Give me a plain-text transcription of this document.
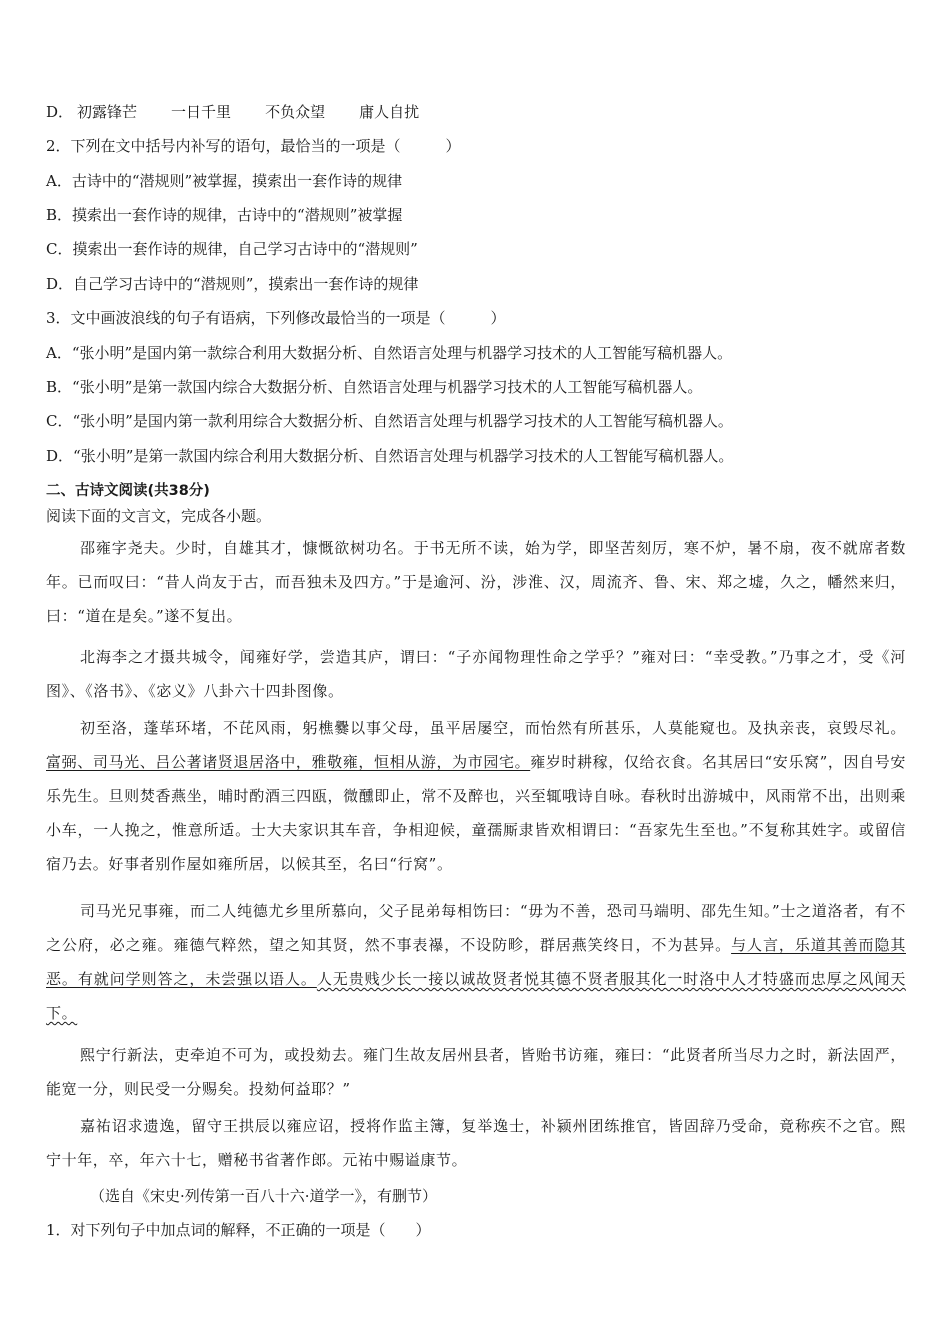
D． 初露锋芒 一日千里 不负众望 庸人自扰
2．下列在文中括号内补写的语句，最恰当的一项是（　　　）
A．古诗中的“潜规则”被掌握，摸索出一套作诗的规律
B．摸索出一套作诗的规律，古诗中的“潜规则”被掌握
C．摸索出一套作诗的规律，自己学习古诗中的“潜规则”
D．自己学习古诗中的“潜规则”，摸索出一套作诗的规律
3．文中画波浪线的句子有语病，下列修改最恰当的一项是（　　　）
A．“张小明”是国内第一款综合利用大数据分析、自然语言处理与机器学习技术的人工智能写稿机器人。
B．“张小明”是第一款国内综合大数据分析、自然语言处理与机器学习技术的人工智能写稿机器人。
C．“张小明”是国内第一款利用综合大数据分析、自然语言处理与机器学习技术的人工智能写稿机器人。
D．“张小明”是第一款国内综合利用大数据分析、自然语言处理与机器学习技术的人工智能写稿机器人。
二、古诗文阅读(共38分)
阅读下面的文言文，完成各小题。
邵雍字尧夫。少时，自雄其才，慷慨欲树功名。于书无所不读，始为学，即坚苦刻厉，寒不炉，暑不扇，夜不就席者数年。已而叹曰：“昔人尚友于古，而吾独未及四方。”于是逾河、汾，涉淮、汉，周流齐、鲁、宋、郑之墟，久之，幡然来归，曰：“道在是矣。”遂不复出。
北海李之才摄共城令，闻雍好学，尝造其庐，谓曰：“子亦闻物理性命之学乎？”雍对曰：“幸受教。”乃事之才，受《河图》、《洛书》、《宓义》八卦六十四卦图像。
初至洛，蓬荜环堵，不芘风雨，躬樵爨以事父母，虽平居屡空，而怡然有所甚乐，人莫能窥也。及执亲丧，哀毁尽礼。富弼、司马光、吕公著诸贤退居洛中，雅敬雍，恒相从游，为市园宅。雍岁时耕稼，仅给衣食。名其居曰“安乐窝”，因自号安乐先生。旦则焚香燕坐，晡时酌酒三四瓯，微醺即止，常不及醉也，兴至辄哦诗自咏。春秋时出游城中，风雨常不出，出则乘小车，一人挽之，惟意所适。士大夫家识其车音，争相迎候，童孺厮隶皆欢相谓曰：“吾家先生至也。”不复称其姓字。或留信宿乃去。好事者别作屋如雍所居，以候其至，名曰“行窝”。
司马光兄事雍，而二人纯德尤乡里所慕向，父子昆弟每相饬曰：“毋为不善，恐司马端明、邵先生知。”士之道洛者，有不之公府，必之雍。雍德气粹然，望之知其贤，然不事表襮，不设防畛，群居燕笑终日，不为甚异。与人言，乐道其善而隐其恶。有就问学则答之，未尝强以语人。人无贵贱少长一接以诚故贤者悦其德不贤者服其化一时洛中人才特盛而忠厚之风闻天下。
熙宁行新法，吏牵迫不可为，或投劾去。雍门生故友居州县者，皆贻书访雍，雍曰：“此贤者所当尽力之时，新法固严，能宽一分，则民受一分赐矣。投劾何益耶？”
嘉祐诏求遗逸，留守王拱辰以雍应诏，授将作监主簿，复举逸士，补颍州团练推官，皆固辞乃受命，竟称疾不之官。熙宁十年，卒，年六十七，赠秘书省著作郎。元祐中赐谥康节。
（选自《宋史·列传第一百八十六·道学一》，有删节）
1．对下列句子中加点词的解释，不正确的一项是（　　）
